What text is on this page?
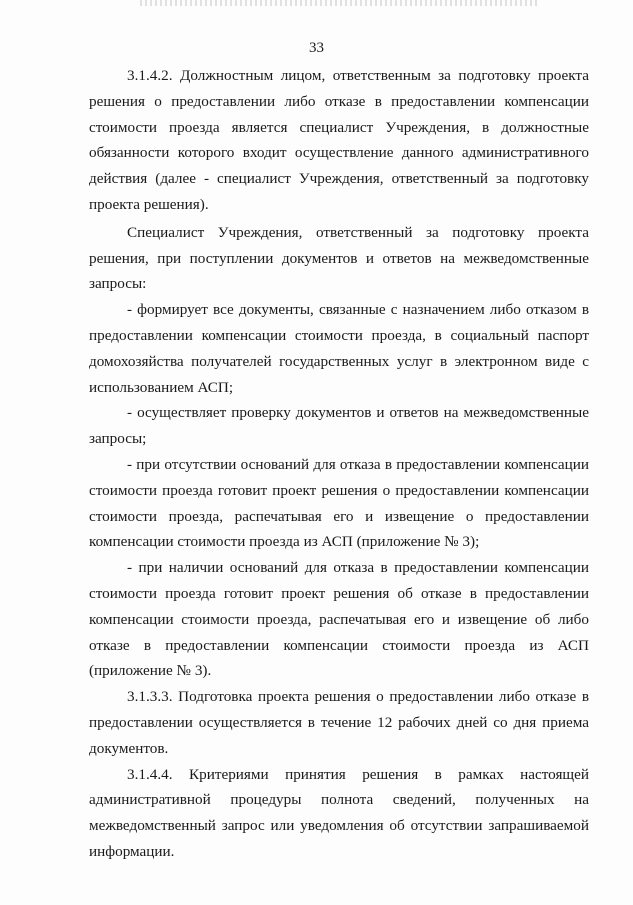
33

3.1.4.2. Должностным лицом, ответственным за подготовку проекта решения о предоставлении либо отказе в предоставлении компенсации стоимости проезда является специалист Учреждения, в должностные обязанности которого входит осуществление данного административного действия (далее - специалист Учреждения, ответственный за подготовку проекта решения).

Специалист Учреждения, ответственный за подготовку проекта решения, при поступлении документов и ответов на межведомственные запросы:

- формирует все документы, связанные с назначением либо отказом в предоставлении компенсации стоимости проезда, в социальный паспорт домохозяйства получателей государственных услуг в электронном виде с использованием АСП;

- осуществляет проверку документов и ответов на межведомственные запросы;

- при отсутствии оснований для отказа в предоставлении компенсации стоимости проезда готовит проект решения о предоставлении компенсации стоимости проезда, распечатывая его и извещение о предоставлении компенсации стоимости проезда из АСП (приложение № 3);

- при наличии оснований для отказа в предоставлении компенсации стоимости проезда готовит проект решения об отказе в предоставлении компенсации стоимости проезда, распечатывая его и извещение об либо отказе в предоставлении компенсации стоимости проезда из АСП (приложение № 3).

3.1.3.3. Подготовка проекта решения о предоставлении либо отказе в предоставлении осуществляется в течение 12 рабочих дней со дня приема документов.

3.1.4.4. Критериями принятия решения в рамках настоящей административной процедуры полнота сведений, полученных на межведомственный запрос или уведомления об отсутствии запрашиваемой информации.
